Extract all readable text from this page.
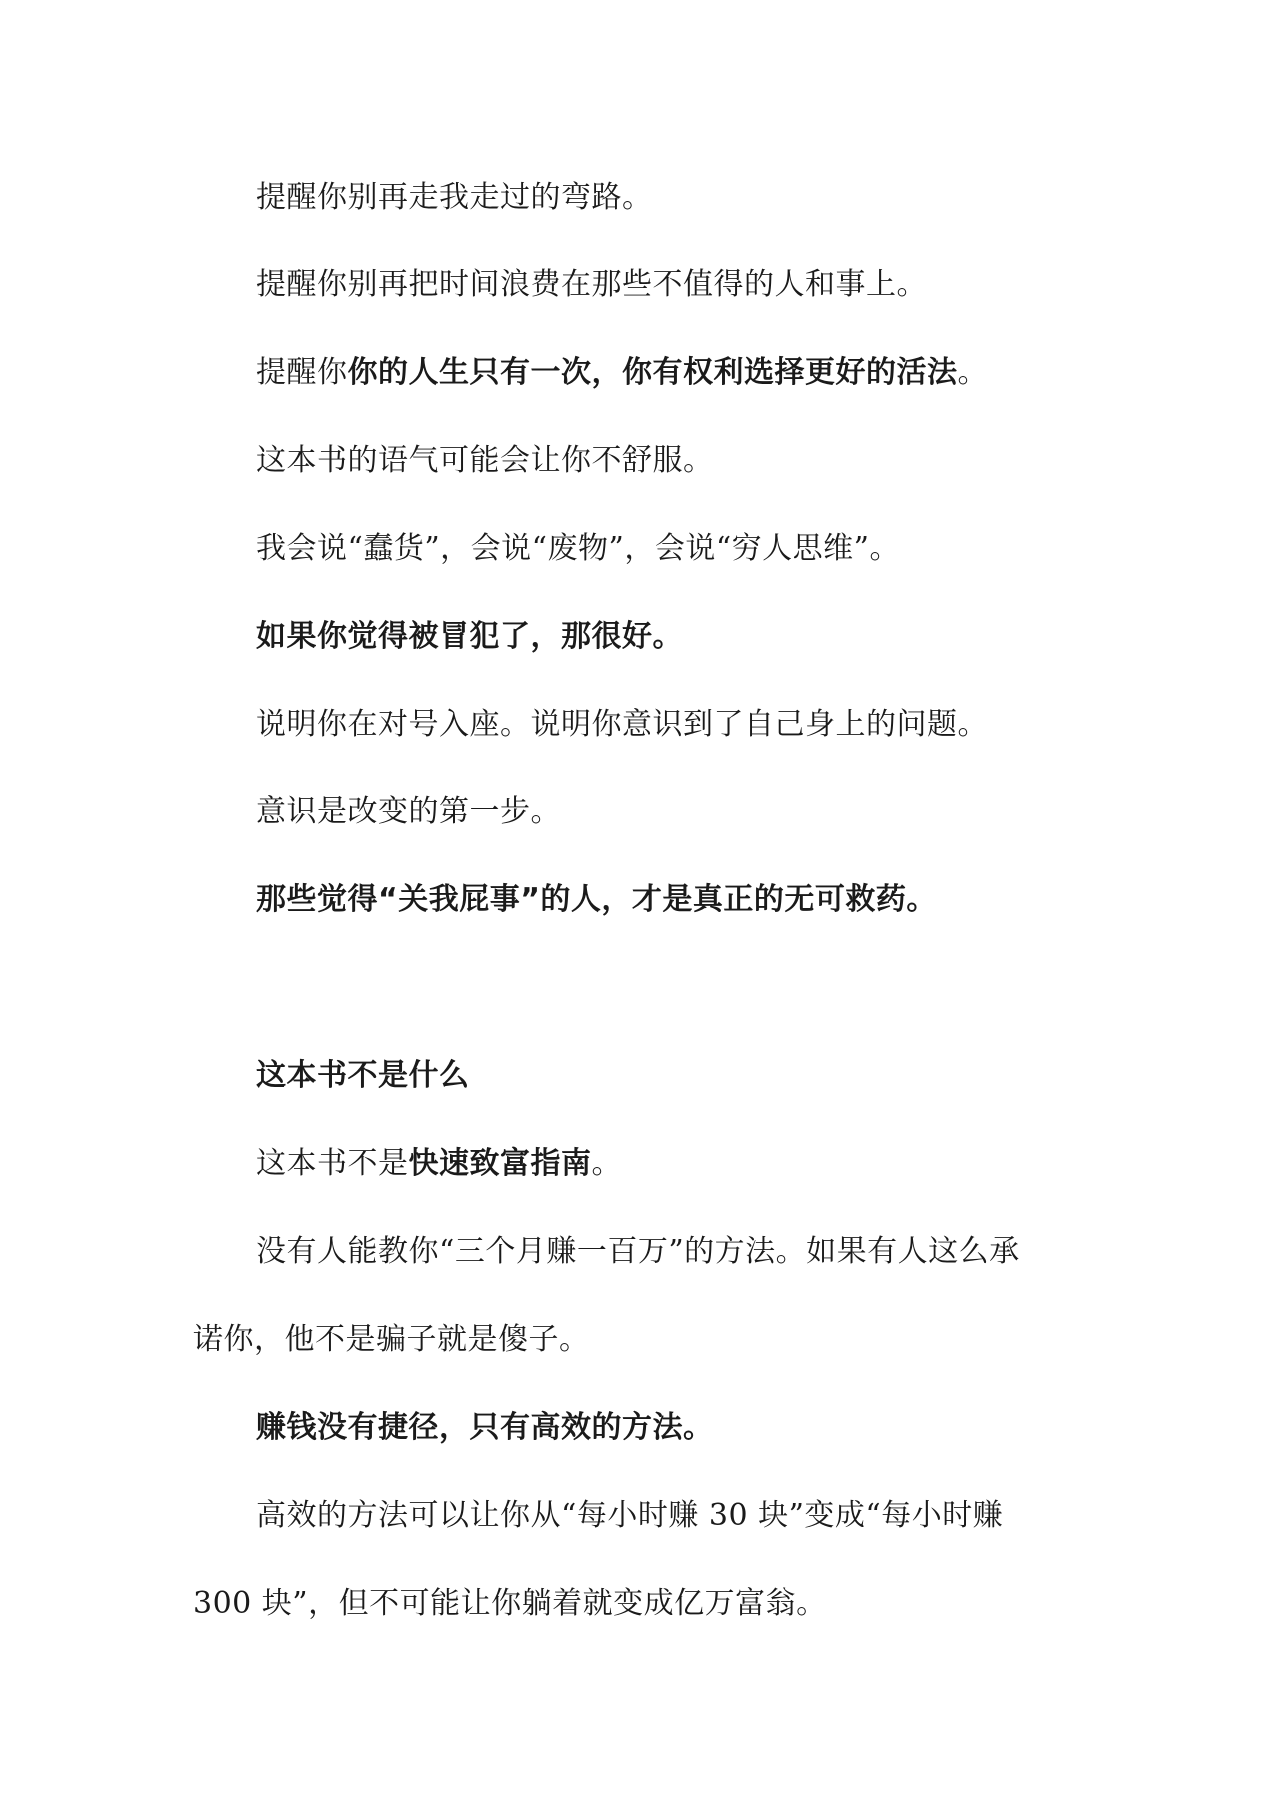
提醒你别再走我走过的弯路。
提醒你别再把时间浪费在那些不值得的人和事上。
提醒你你的人生只有一次，你有权利选择更好的活法。
这本书的语气可能会让你不舒服。
我会说“蠢货”，会说“废物”，会说“穷人思维”。
如果你觉得被冒犯了，那很好。
说明你在对号入座。说明你意识到了自己身上的问题。
意识是改变的第一步。
那些觉得“关我屁事”的人，才是真正的无可救药。
这本书不是什么
这本书不是快速致富指南。
没有人能教你“三个月赚一百万”的方法。如果有人这么承
诺你，他不是骗子就是傻子。
赚钱没有捷径，只有高效的方法。
高效的方法可以让你从“每小时赚 30 块”变成“每小时赚
300 块”，但不可能让你躺着就变成亿万富翁。
